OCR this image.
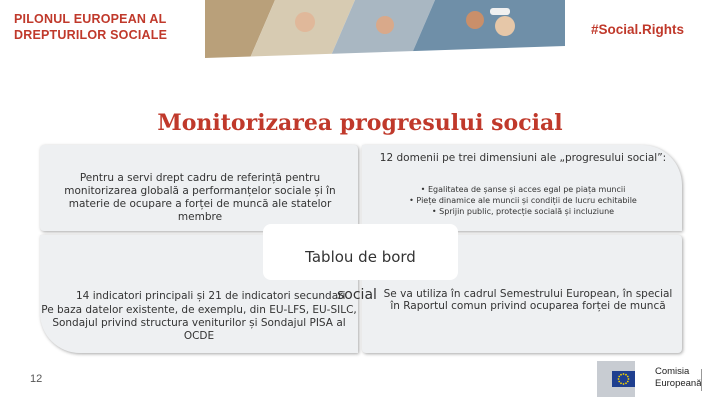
PILONUL EUROPEAN AL DREPTURILOR SOCIALE	#Social.Rights
Monitorizarea progresului social
Pentru a servi drept cadru de referință pentru monitorizarea globală a performanțelor sociale și în materie de ocupare a forței de muncă ale statelor membre
12 domenii pe trei dimensiuni ale „progresului social”:
• Egalitatea de șanse și acces egal pe piața muncii
• Piețe dinamice ale muncii și condiții de lucru echitabile
• Sprijin public, protecție socială și incluziune
Tablou de bord
14 indicatori principali și 21 de indicatori secundari
social
Pe baza datelor existente, de exemplu, din EU-LFS, EU-SILC, Sondajul privind structura veniturilor și Sondajul PISA al OCDE
Se va utiliza în cadrul Semestrului European, în special în Raportul comun privind ocuparea forței de muncă
12
Comisia
Europeană
